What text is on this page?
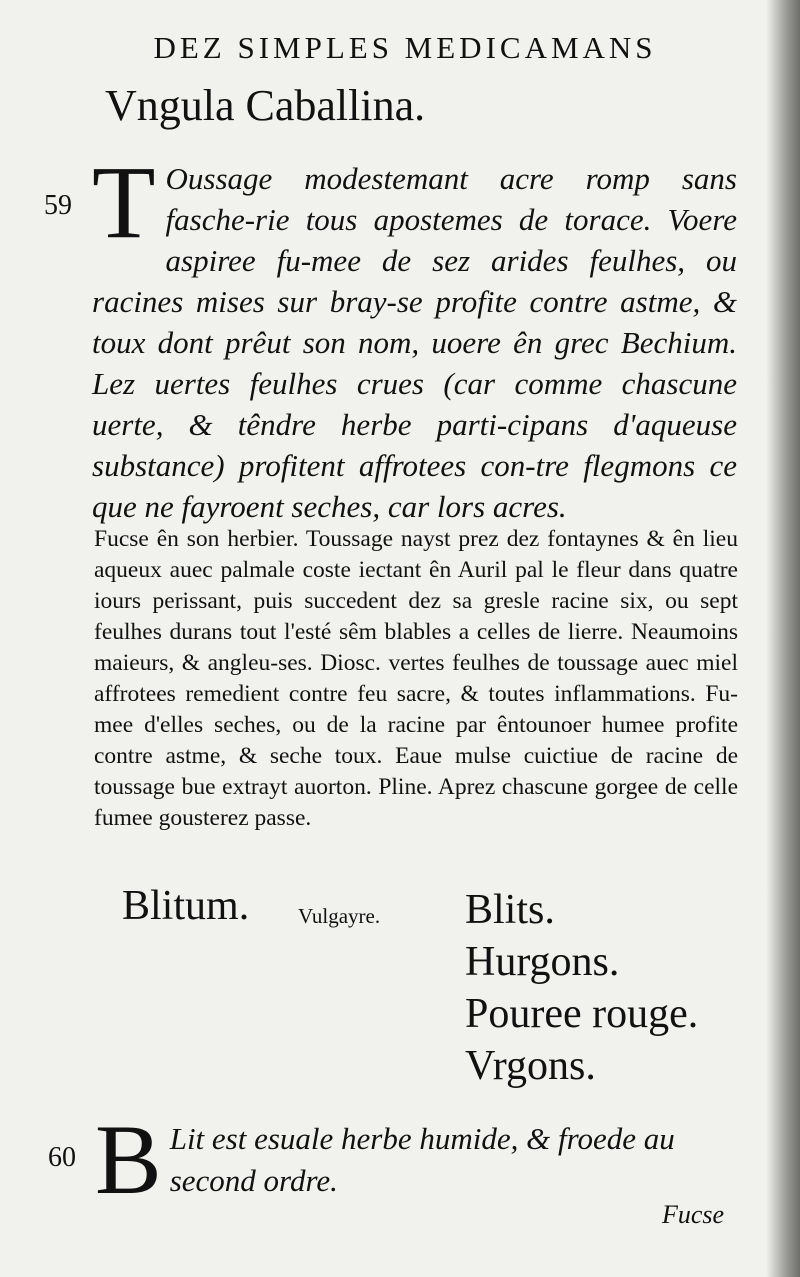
DEZ SIMPLES MEDICAMANS
Vngula Caballina.
59 T Oussage modestemant acre romp sans fasche-rie tous apostemes de torace. Voere aspiree fu-mee de sez arides feulhes, ou racines mises sur bray-se profite contre astme, & toux dont prêut son nom, uoere ên grec Bechium. Lez uertes feulhes crues (car comme chascune uerte, & têndre herbe parti-cipans d'aqueuse substance) profitent affrotees con-tre flegmons ce que ne fayroent seches, car lors acres.
Fucse ên son herbier. Toussage nayst prez dez fontaynes & ên lieu aqueux auec palmale coste iectant ên Auril pal le fleur dans quatre iours perissant, puis succedent dez sa gresle racine six, ou sept feulhes durans tout l'esté sêm blables a celles de lierre. Neaumoins maieurs, & angleu-ses. Diosc. vertes feulhes de toussage auec miel affrotees remedient contre feu sacre, & toutes inflammations. Fu-mee d'elles seches, ou de la racine par êntounoer humee profite contre astme, & seche toux. Eaue mulse cuictiue de racine de toussage bue extrayt auorton. Pline. Aprez chascune gorgee de celle fumee gousterez passe.
Blitum. Vulgayre. Blits.
Hurgons.
Pouree rouge.
Vrgons.
60 B Lit est esuale herbe humide, & froede au second ordre.
Fucse
